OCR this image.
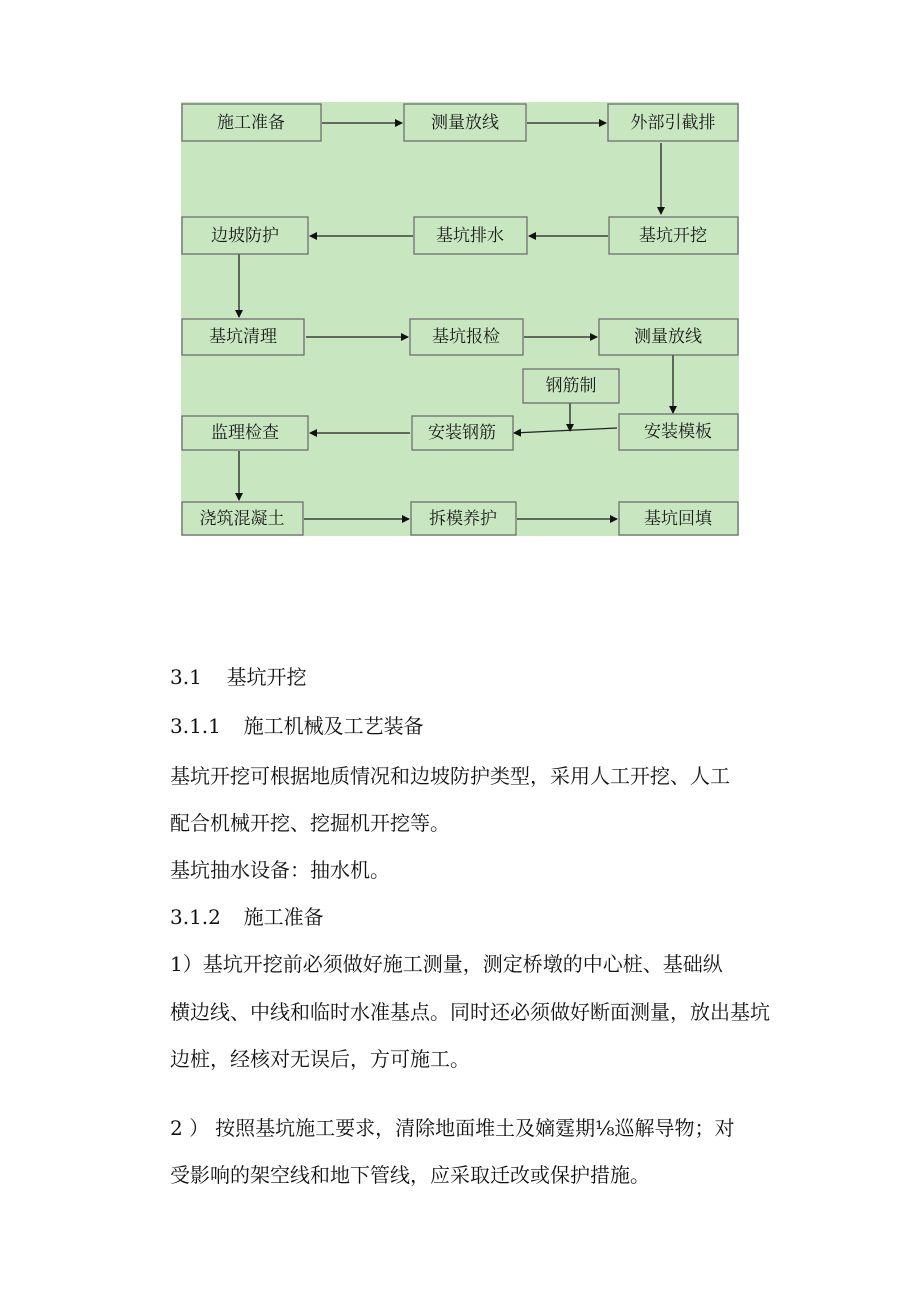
施工准备	测量放线	外部引截排
基坑开挖
基坑排水
边坡防护
基坑清理	基坑报检	测量放线
钢筋制
安装模板
安装钢筋
监理检查
浇筑混凝土	拆模养护	基坑回填
3.1 基坑开挖
3.1.1 施工机械及工艺装备
基坑开挖可根据地质情况和边坡防护类型，采用人工开挖、人工
配合机械开挖、挖掘机开挖等。
基坑抽水设备：抽水机。
3.1.2 施工准备
1）基坑开挖前必须做好施工测量，测定桥墩的中心桩、基础纵
横边线、中线和临时水准基点。同时还必须做好断面测量，放出基坑
边桩，经核对无误后，方可施工。
2 ） 按照基坑施工要求，清除地面堆土及嫡霆期⅛巡解导物；对
受影响的架空线和地下管线，应采取迁改或保护措施。
